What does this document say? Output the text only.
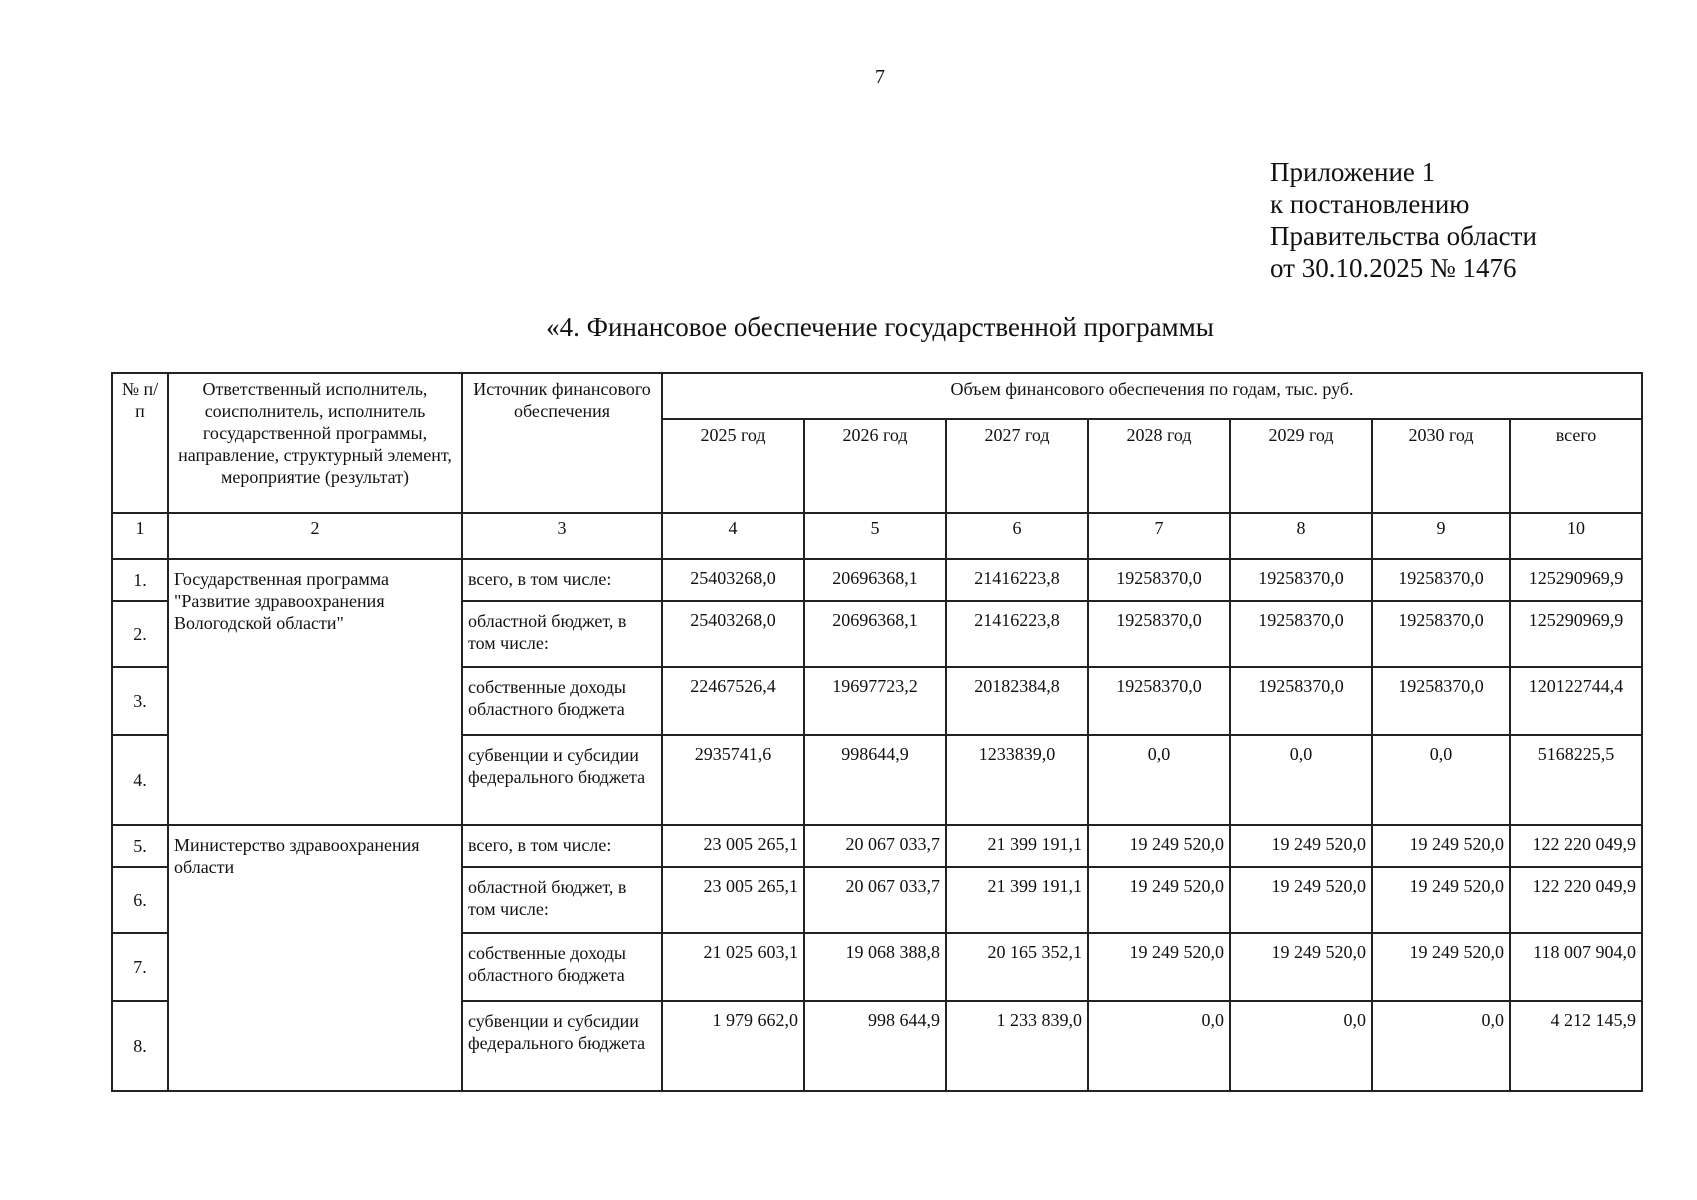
7
Приложение 1
к постановлению
Правительства области
от 30.10.2025 № 1476
«4. Финансовое обеспечение государственной программы
№ п/п	Ответственный исполнитель, соисполнитель, исполнитель государственной программы, направление, структурный элемент, мероприятие (результат)	Источник финансового обеспечения	Объем финансового обеспечения по годам, тыс. руб.						
			2025 год	2026 год	2027 год	2028 год	2029 год	2030 год	всего
1	2	3	4	5	6	7	8	9	10
1.	Государственная программа "Развитие здравоохранения Вологодской области"	всего, в том числе:	25403268,0	20696368,1	21416223,8	19258370,0	19258370,0	19258370,0	125290969,9
2.		областной бюджет, в том числе:	25403268,0	20696368,1	21416223,8	19258370,0	19258370,0	19258370,0	125290969,9
3.		собственные доходы областного бюджета	22467526,4	19697723,2	20182384,8	19258370,0	19258370,0	19258370,0	120122744,4
4.		субвенции и субсидии федерального бюджета	2935741,6	998644,9	1233839,0	0,0	0,0	0,0	5168225,5
5.	Министерство здравоохранения области	всего, в том числе:	23 005 265,1	20 067 033,7	21 399 191,1	19 249 520,0	19 249 520,0	19 249 520,0	122 220 049,9
6.		областной бюджет, в том числе:	23 005 265,1	20 067 033,7	21 399 191,1	19 249 520,0	19 249 520,0	19 249 520,0	122 220 049,9
7.		собственные доходы областного бюджета	21 025 603,1	19 068 388,8	20 165 352,1	19 249 520,0	19 249 520,0	19 249 520,0	118 007 904,0
8.		субвенции и субсидии федерального бюджета	1 979 662,0	998 644,9	1 233 839,0	0,0	0,0	0,0	4 212 145,9
